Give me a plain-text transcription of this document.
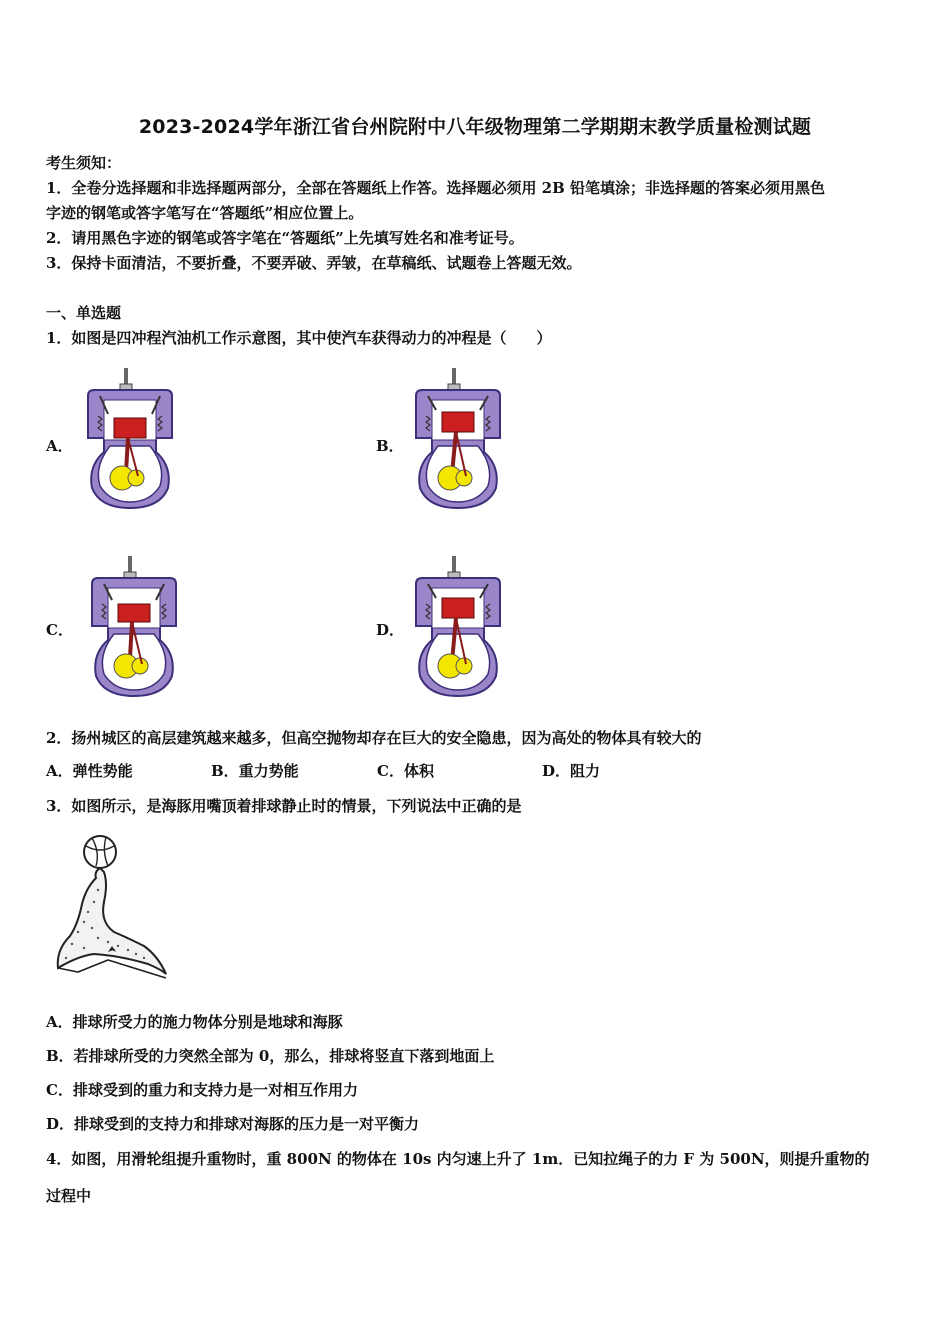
2023-2024学年浙江省台州院附中八年级物理第二学期期末教学质量检测试题
考生须知：
1．全卷分选择题和非选择题两部分，全部在答题纸上作答。选择题必须用 2B 铅笔填涂；非选择题的答案必须用黑色
字迹的钢笔或答字笔写在“答题纸”相应位置上。
2．请用黑色字迹的钢笔或答字笔在“答题纸”上先填写姓名和准考证号。
3．保持卡面清洁，不要折叠，不要弄破、弄皱，在草稿纸、试题卷上答题无效。
一、单选题
1．如图是四冲程汽油机工作示意图，其中使汽车获得动力的冲程是（　　）
A．	B．
C．	D．
2．扬州城区的高层建筑越来越多，但高空抛物却存在巨大的安全隐患，因为高处的物体具有较大的
A．弹性势能	B．重力势能	C．体积	D．阻力
3．如图所示，是海豚用嘴顶着排球静止时的情景，下列说法中正确的是
A．排球所受力的施力物体分别是地球和海豚
B．若排球所受的力突然全部为 0，那么，排球将竖直下落到地面上
C．排球受到的重力和支持力是一对相互作用力
D．排球受到的支持力和排球对海豚的压力是一对平衡力
4．如图，用滑轮组提升重物时，重 800N 的物体在 10s 内匀速上升了 1m．已知拉绳子的力 F 为 500N，则提升重物的
过程中
